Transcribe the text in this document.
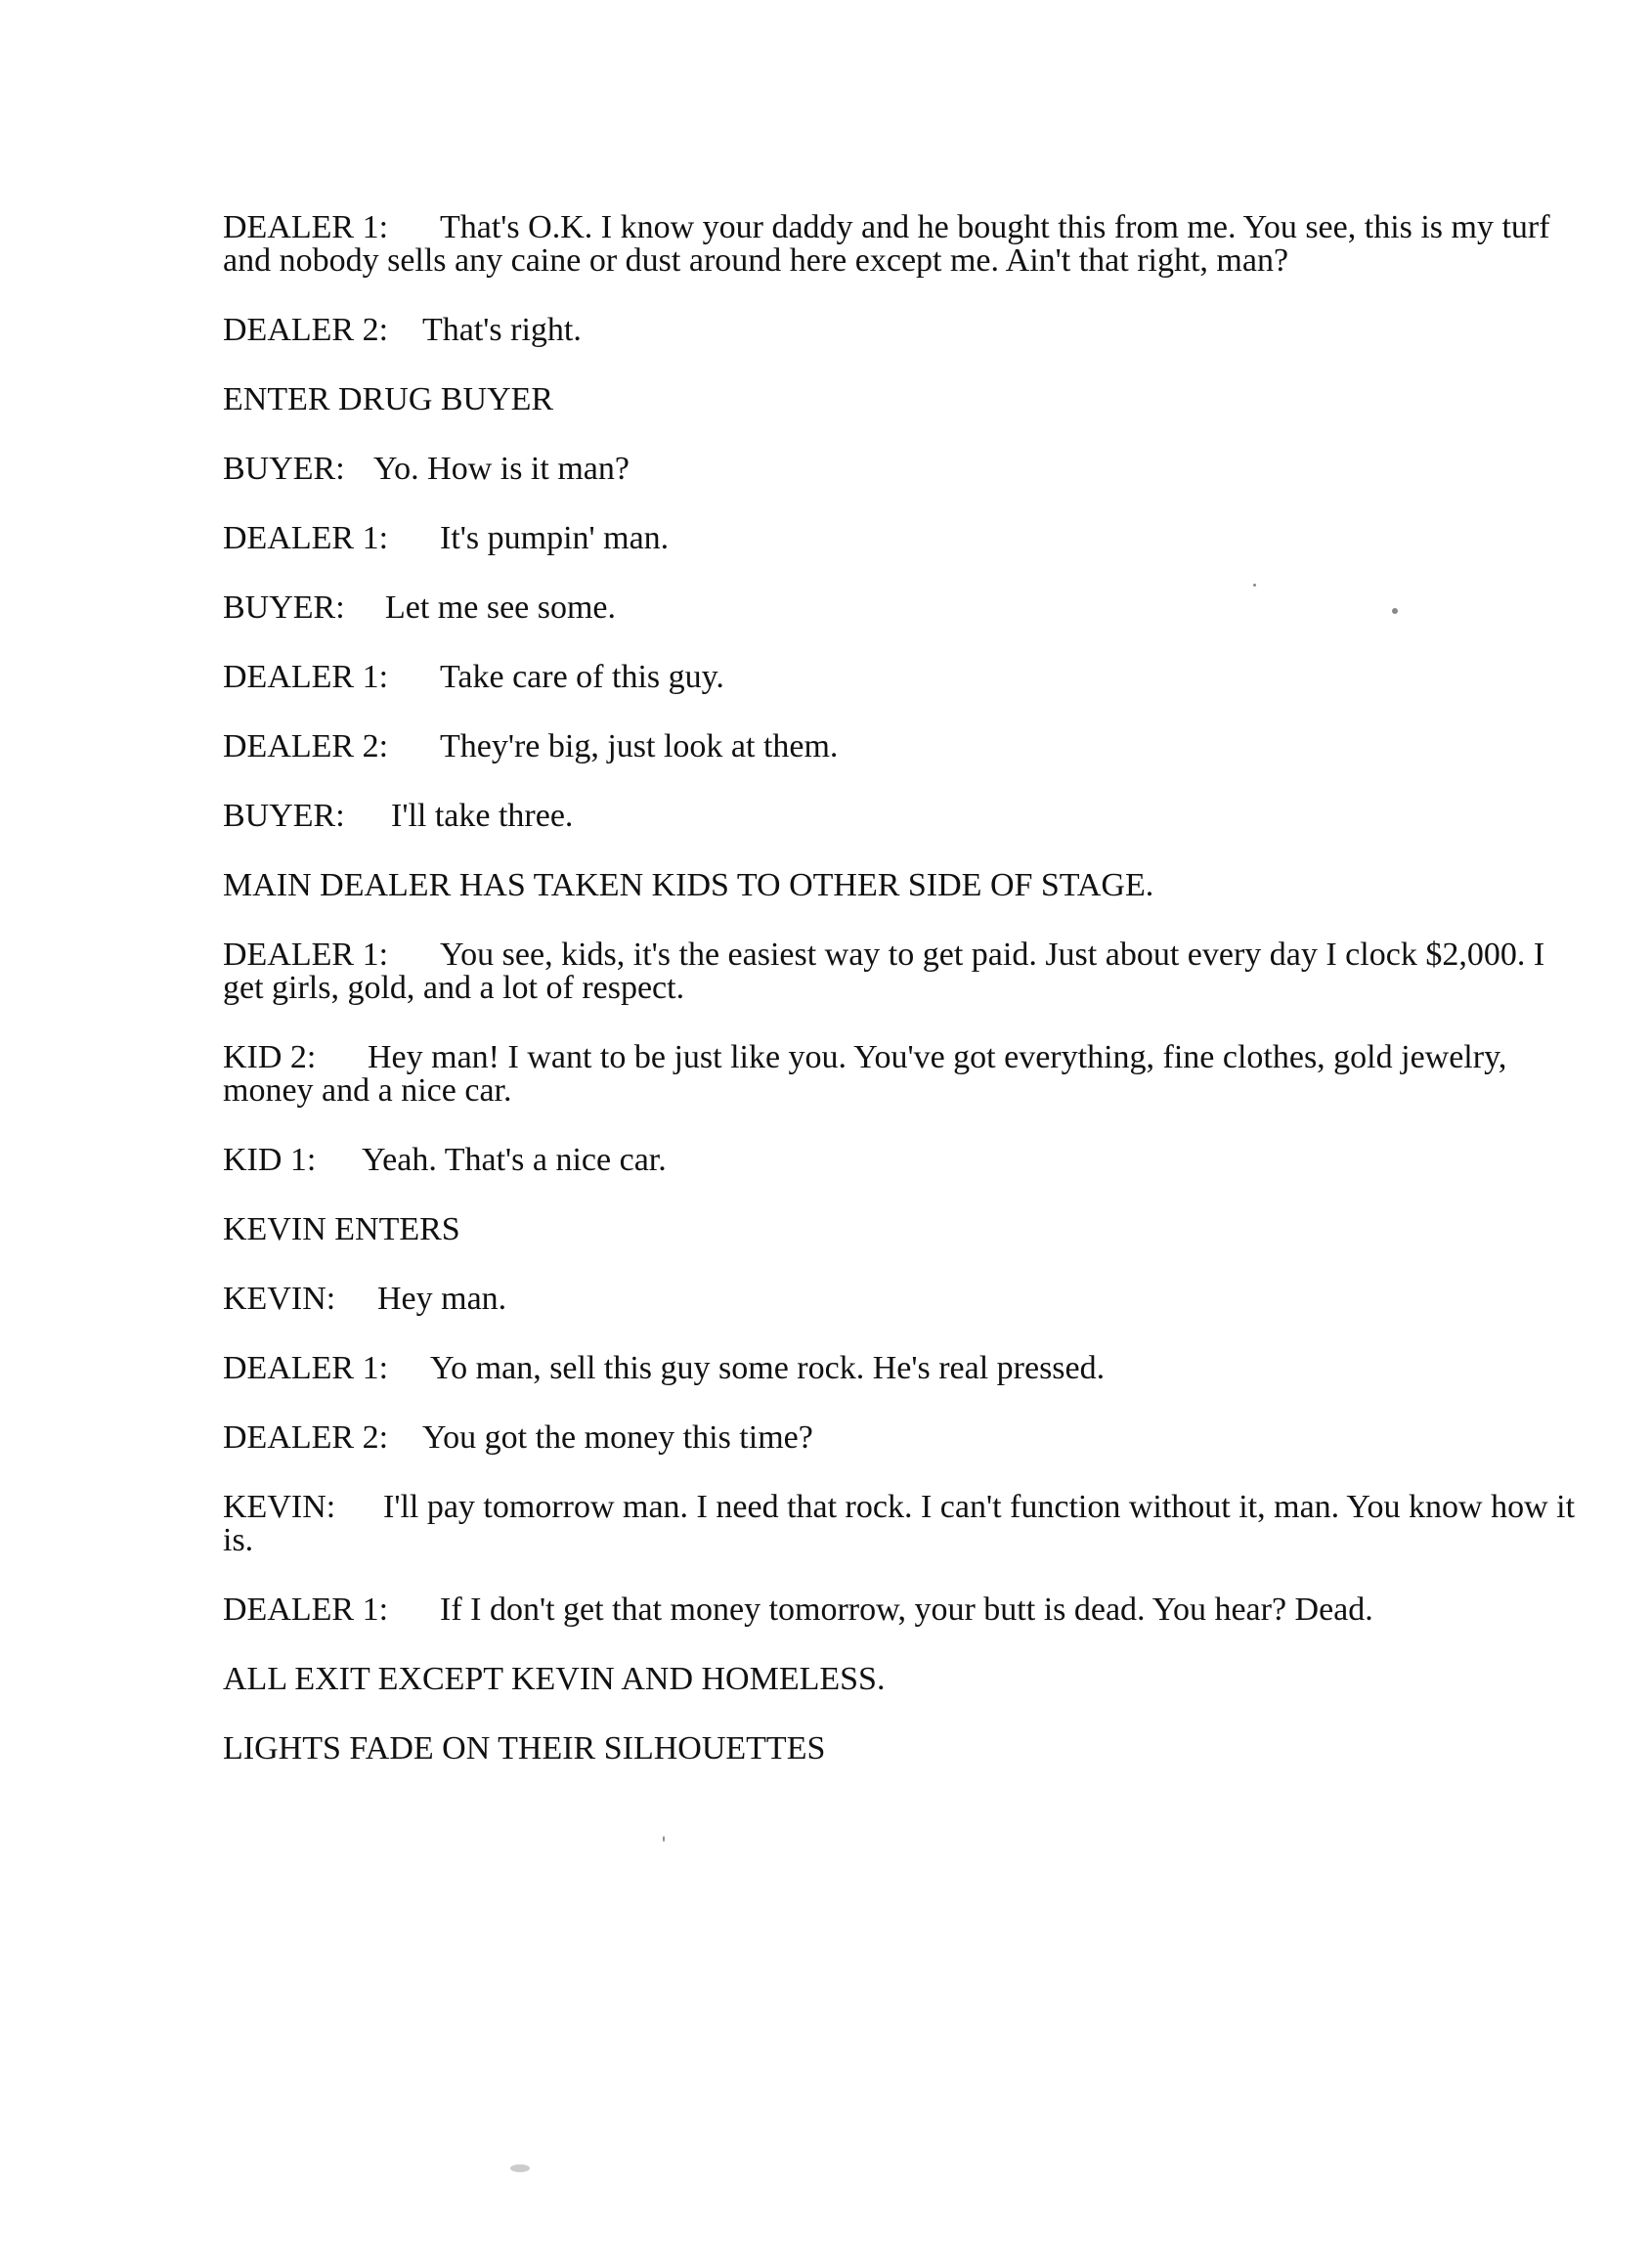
DEALER 1: That's O.K. I know your daddy and he bought this from me. You see, this is my turf and nobody sells any caine or dust around here except me. Ain't that right, man?

DEALER 2: That's right.

ENTER DRUG BUYER

BUYER: Yo. How is it man?

DEALER 1: It's pumpin' man.

BUYER: Let me see some.

DEALER 1: Take care of this guy.

DEALER 2: They're big, just look at them.

BUYER: I'll take three.

MAIN DEALER HAS TAKEN KIDS TO OTHER SIDE OF STAGE.

DEALER 1: You see, kids, it's the easiest way to get paid. Just about every day I clock $2,000. I get girls, gold, and a lot of respect.

KID 2: Hey man! I want to be just like you. You've got everything, fine clothes, gold jewelry, money and a nice car.

KID 1: Yeah. That's a nice car.

KEVIN ENTERS

KEVIN: Hey man.

DEALER 1: Yo man, sell this guy some rock. He's real pressed.

DEALER 2: You got the money this time?

KEVIN: I'll pay tomorrow man. I need that rock. I can't function without it, man. You know how it is.

DEALER 1: If I don't get that money tomorrow, your butt is dead. You hear? Dead.

ALL EXIT EXCEPT KEVIN AND HOMELESS.

LIGHTS FADE ON THEIR SILHOUETTES
